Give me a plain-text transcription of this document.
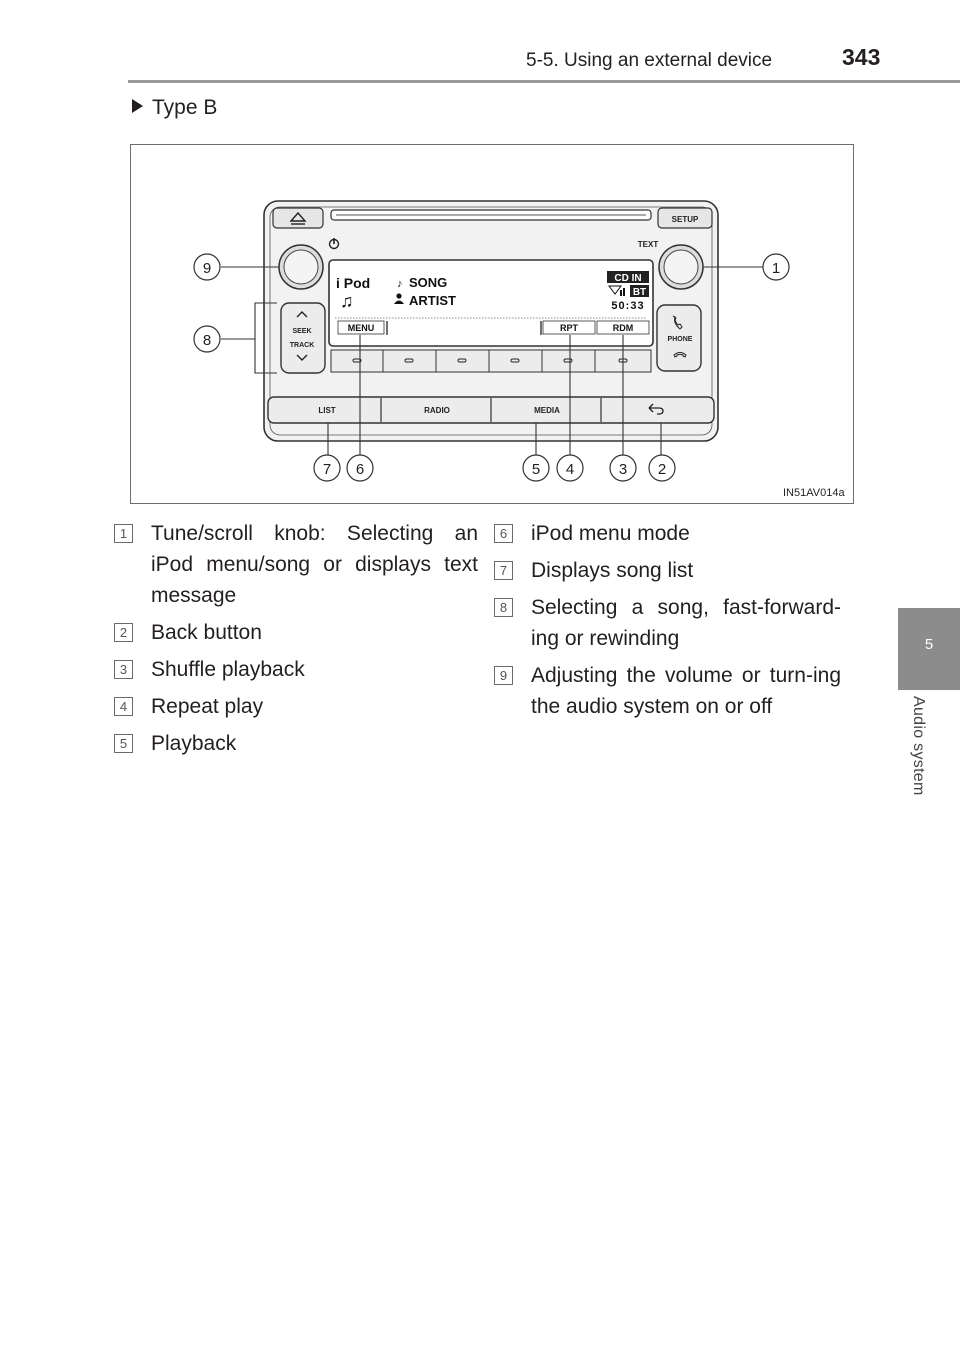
5-5. Using an external device	343
5
Audio system
Type B
SETUP
TEXT
i Pod ♪ SONG
♫	ARTIST
CD IN
BT
50:33
MENU	RPT	RDM
SEEK
TRACK
PHONE
LIST	RADIO	MEDIA
9
8
1
7 6	5 4	3 2
IN51AV014a
1 Tune/scroll knob: Selecting an iPod menu/song or displays text message
2 Back button
3 Shuffle playback
4 Repeat play
5 Playback
6 iPod menu mode
7 Displays song list
8 Selecting a song, fast-forward-ing or rewinding
9 Adjusting the volume or turn-ing the audio system on or off
